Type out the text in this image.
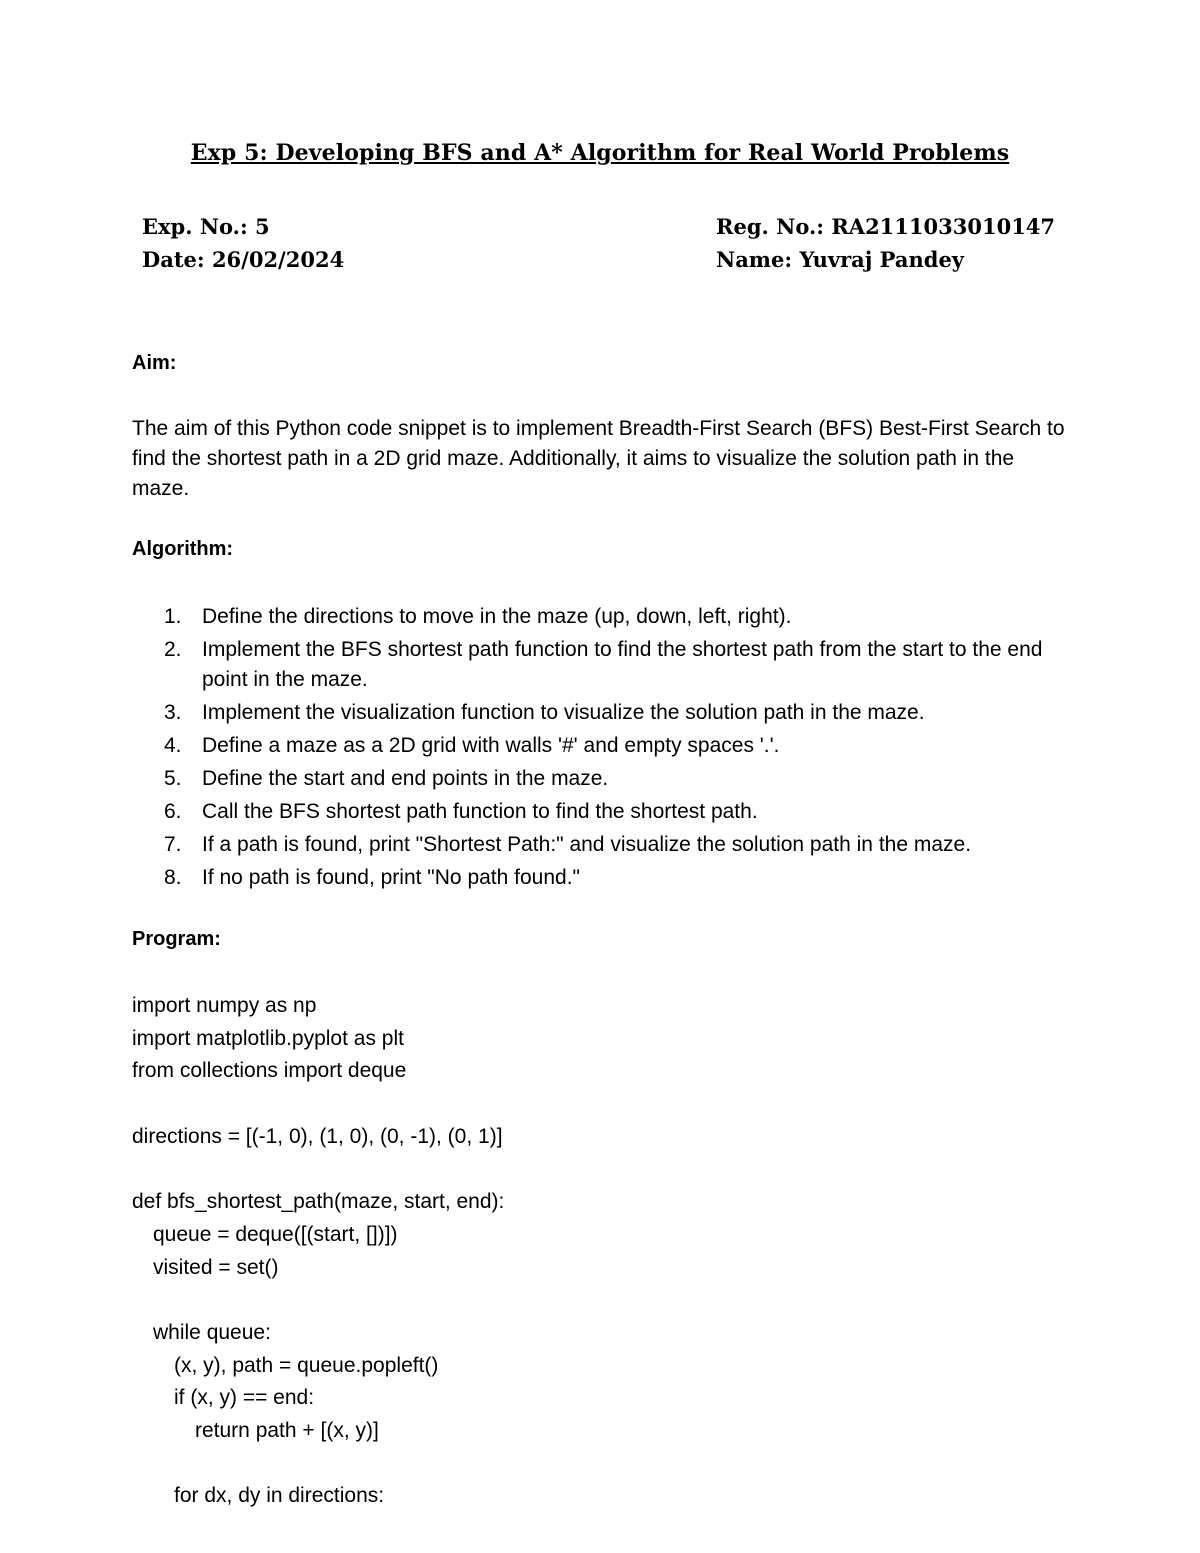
Exp 5: Developing BFS and A* Algorithm for Real World Problems
Exp. No.: 5
Date: 26/02/2024
Reg. No.: RA2111033010147
Name: Yuvraj Pandey
Aim:
The aim of this Python code snippet is to implement Breadth-First Search (BFS) Best-First Search to find the shortest path in a 2D grid maze. Additionally, it aims to visualize the solution path in the maze.
Algorithm:
1. Define the directions to move in the maze (up, down, left, right).
2. Implement the BFS shortest path function to find the shortest path from the start to the end point in the maze.
3. Implement the visualization function to visualize the solution path in the maze.
4. Define a maze as a 2D grid with walls '#' and empty spaces '.'.
5. Define the start and end points in the maze.
6. Call the BFS shortest path function to find the shortest path.
7. If a path is found, print "Shortest Path:" and visualize the solution path in the maze.
8. If no path is found, print "No path found."
Program:
import numpy as np
import matplotlib.pyplot as plt
from collections import deque
directions = [(-1, 0), (1, 0), (0, -1), (0, 1)]
def bfs_shortest_path(maze, start, end):
queue = deque([(start, [])])
visited = set()
while queue:
(x, y), path = queue.popleft()
if (x, y) == end:
return path + [(x, y)]
for dx, dy in directions:
